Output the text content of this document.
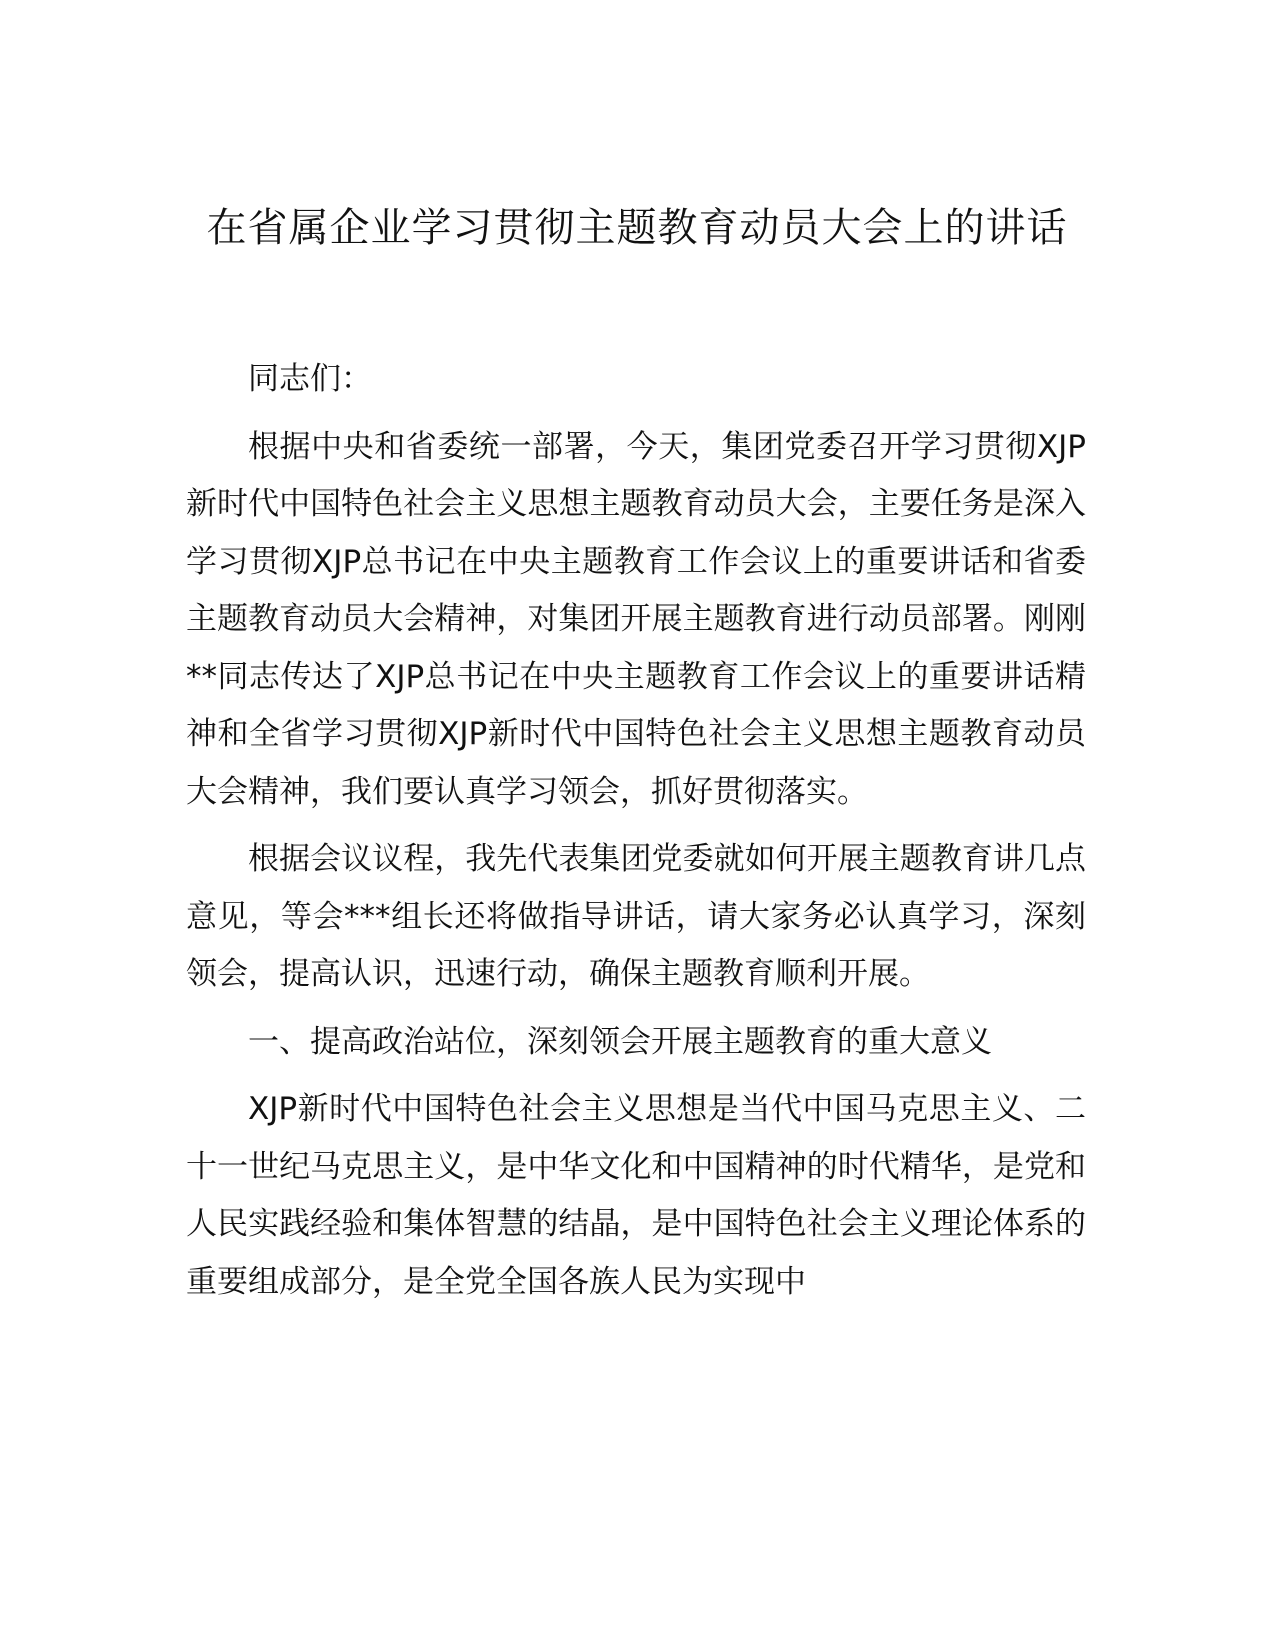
在省属企业学习贯彻主题教育动员大会上的讲话

同志们：

根据中央和省委统一部署，今天，集团党委召开学习贯彻XJP新时代中国特色社会主义思想主题教育动员大会，主要任务是深入学习贯彻XJP总书记在中央主题教育工作会议上的重要讲话和省委主题教育动员大会精神，对集团开展主题教育进行动员部署。刚刚**同志传达了XJP总书记在中央主题教育工作会议上的重要讲话精神和全省学习贯彻XJP新时代中国特色社会主义思想主题教育动员大会精神，我们要认真学习领会，抓好贯彻落实。

根据会议议程，我先代表集团党委就如何开展主题教育讲几点意见，等会***组长还将做指导讲话，请大家务必认真学习，深刻领会，提高认识，迅速行动，确保主题教育顺利开展。

一、提高政治站位，深刻领会开展主题教育的重大意义

XJP新时代中国特色社会主义思想是当代中国马克思主义、二十一世纪马克思主义，是中华文化和中国精神的时代精华，是党和人民实践经验和集体智慧的结晶，是中国特色社会主义理论体系的重要组成部分，是全党全国各族人民为实现中
